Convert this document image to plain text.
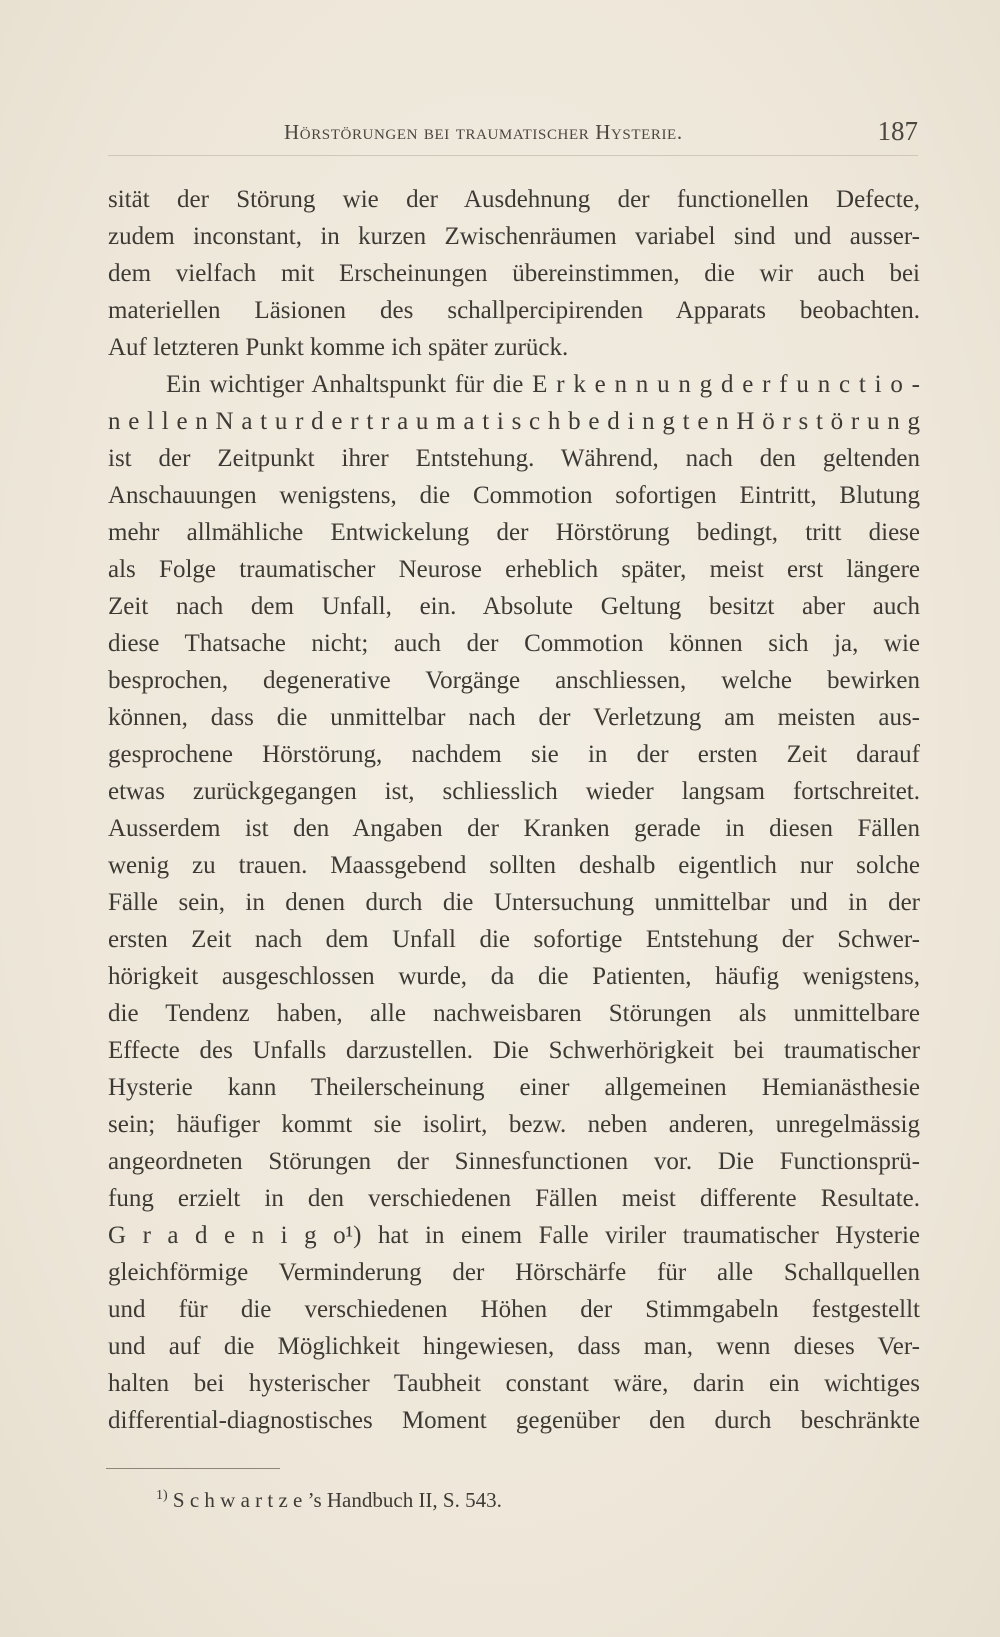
Hörstörungen bei traumatischer Hysterie.	187
sität der Störung wie der Ausdehnung der functionellen Defecte,
zudem inconstant, in kurzen Zwischenräumen variabel sind und ausser-
dem vielfach mit Erscheinungen übereinstimmen, die wir auch bei
materiellen Läsionen des schallpercipirenden Apparats beobachten.
Auf letzteren Punkt komme ich später zurück.
Ein wichtiger Anhaltspunkt für die E r k e n n u n g d e r f u n c t i o -
n e l l e n N a t u r d e r t r a u m a t i s c h b e d i n g t e n H ö r s t ö r u n g
ist der Zeitpunkt ihrer Entstehung. Während, nach den geltenden
Anschauungen wenigstens, die Commotion sofortigen Eintritt, Blutung
mehr allmähliche Entwickelung der Hörstörung bedingt, tritt diese
als Folge traumatischer Neurose erheblich später, meist erst längere
Zeit nach dem Unfall, ein. Absolute Geltung besitzt aber auch
diese Thatsache nicht; auch der Commotion können sich ja, wie
besprochen, degenerative Vorgänge anschliessen, welche bewirken
können, dass die unmittelbar nach der Verletzung am meisten aus-
gesprochene Hörstörung, nachdem sie in der ersten Zeit darauf
etwas zurückgegangen ist, schliesslich wieder langsam fortschreitet.
Ausserdem ist den Angaben der Kranken gerade in diesen Fällen
wenig zu trauen. Maassgebend sollten deshalb eigentlich nur solche
Fälle sein, in denen durch die Untersuchung unmittelbar und in der
ersten Zeit nach dem Unfall die sofortige Entstehung der Schwer-
hörigkeit ausgeschlossen wurde, da die Patienten, häufig wenigstens,
die Tendenz haben, alle nachweisbaren Störungen als unmittelbare
Effecte des Unfalls darzustellen. Die Schwerhörigkeit bei traumatischer
Hysterie kann Theilerscheinung einer allgemeinen Hemianästhesie
sein; häufiger kommt sie isolirt, bezw. neben anderen, unregelmässig
angeordneten Störungen der Sinnesfunctionen vor. Die Functionsprü-
fung erzielt in den verschiedenen Fällen meist differente Resultate.
G r a d e n i g o¹) hat in einem Falle viriler traumatischer Hysterie
gleichförmige Verminderung der Hörschärfe für alle Schallquellen
und für die verschiedenen Höhen der Stimmgabeln festgestellt
und auf die Möglichkeit hingewiesen, dass man, wenn dieses Ver-
halten bei hysterischer Taubheit constant wäre, darin ein wichtiges
differential-diagnostisches Moment gegenüber den durch beschränkte
$^{1)}$ S c h w a r t z e ’s Handbuch II, S. 543.
